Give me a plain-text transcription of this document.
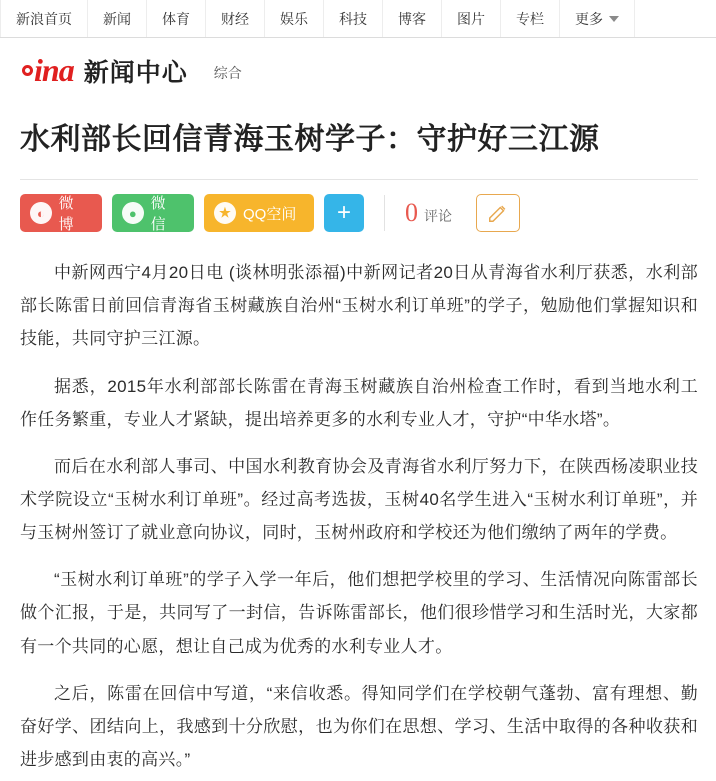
新浪首页 新闻 体育 财经 娱乐 科技 博客 图片 专栏 更多
ina 新闻中心 综合
水利部长回信青海玉树学子：守护好三江源
◐
微博
●
微信
★ QQ空间 + 0 评论

中新网西宁4月20日电 (谈林明张添福)中新网记者20日从青海省水利厅获悉，水利部部长陈雷日前回信青海省玉树藏族自治州“玉树水利订单班”的学子，勉励他们掌握知识和技能，共同守护三江源。

据悉，2015年水利部部长陈雷在青海玉树藏族自治州检查工作时，看到当地水利工作任务繁重，专业人才紧缺，提出培养更多的水利专业人才，守护“中华水塔”。

而后在水利部人事司、中国水利教育协会及青海省水利厅努力下，在陕西杨凌职业技术学院设立“玉树水利订单班”。经过高考选拔，玉树40名学生进入“玉树水利订单班”，并与玉树州签订了就业意向协议，同时，玉树州政府和学校还为他们缴纳了两年的学费。

“玉树水利订单班”的学子入学一年后，他们想把学校里的学习、生活情况向陈雷部长做个汇报，于是，共同写了一封信，告诉陈雷部长，他们很珍惜学习和生活时光，大家都有一个共同的心愿，想让自己成为优秀的水利专业人才。

之后，陈雷在回信中写道，“来信收悉。得知同学们在学校朝气蓬勃、富有理想、勤奋好学、团结向上，我感到十分欣慰，也为你们在思想、学习、生活中取得的各种收获和进步感到由衷的高兴。”
